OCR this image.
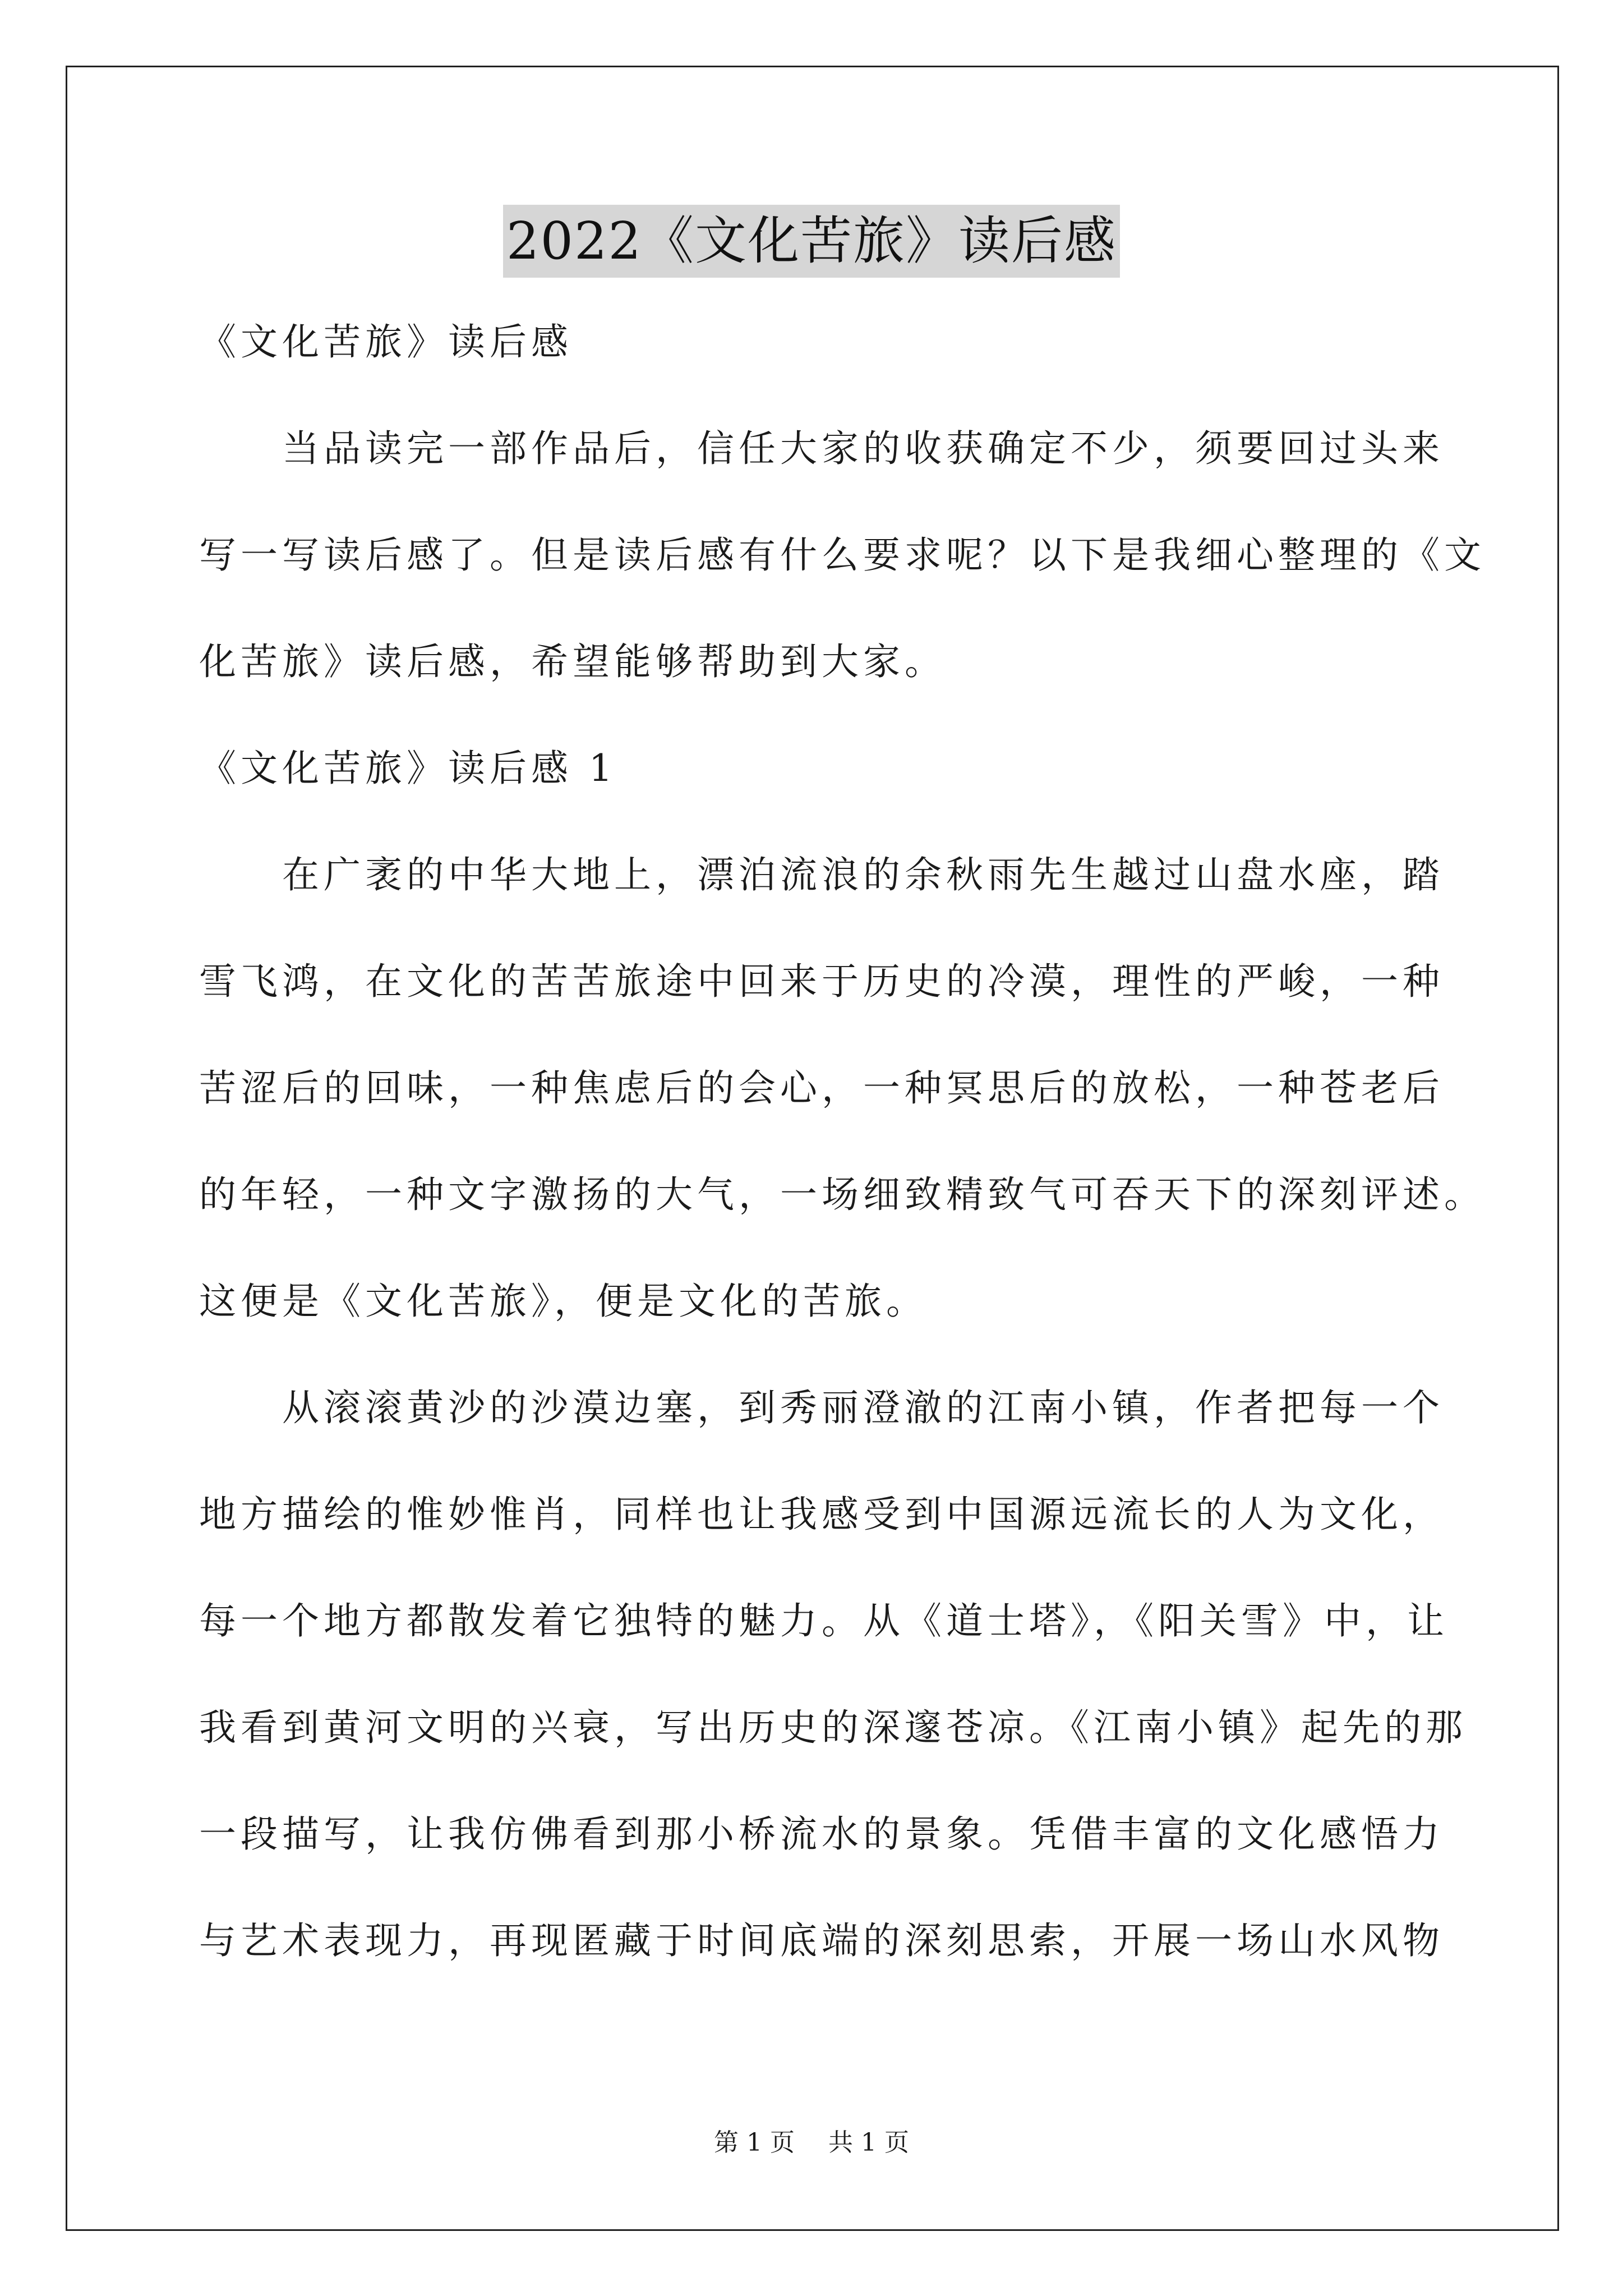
2022《文化苦旅》读后感
《文化苦旅》读后感
　　当品读完一部作品后，信任大家的收获确定不少，须要回过头来
写一写读后感了。但是读后感有什么要求呢？以下是我细心整理的《文
化苦旅》读后感，希望能够帮助到大家。
《文化苦旅》读后感 1
　　在广袤的中华大地上，漂泊流浪的余秋雨先生越过山盘水座，踏
雪飞鸿，在文化的苦苦旅途中回来于历史的冷漠，理性的严峻，一种
苦涩后的回味，一种焦虑后的会心，一种冥思后的放松，一种苍老后
的年轻，一种文字激扬的大气，一场细致精致气可吞天下的深刻评述。
这便是《文化苦旅》，便是文化的苦旅。
　　从滚滚黄沙的沙漠边塞，到秀丽澄澈的江南小镇，作者把每一个
地方描绘的惟妙惟肖，同样也让我感受到中国源远流长的人为文化，
每一个地方都散发着它独特的魅力。从《道士塔》，《阳关雪》中，让
我看到黄河文明的兴衰，写出历史的深邃苍凉。《江南小镇》起先的那
一段描写，让我仿佛看到那小桥流水的景象。凭借丰富的文化感悟力
与艺术表现力，再现匿藏于时间底端的深刻思索，开展一场山水风物
第 1 页 共 1 页
